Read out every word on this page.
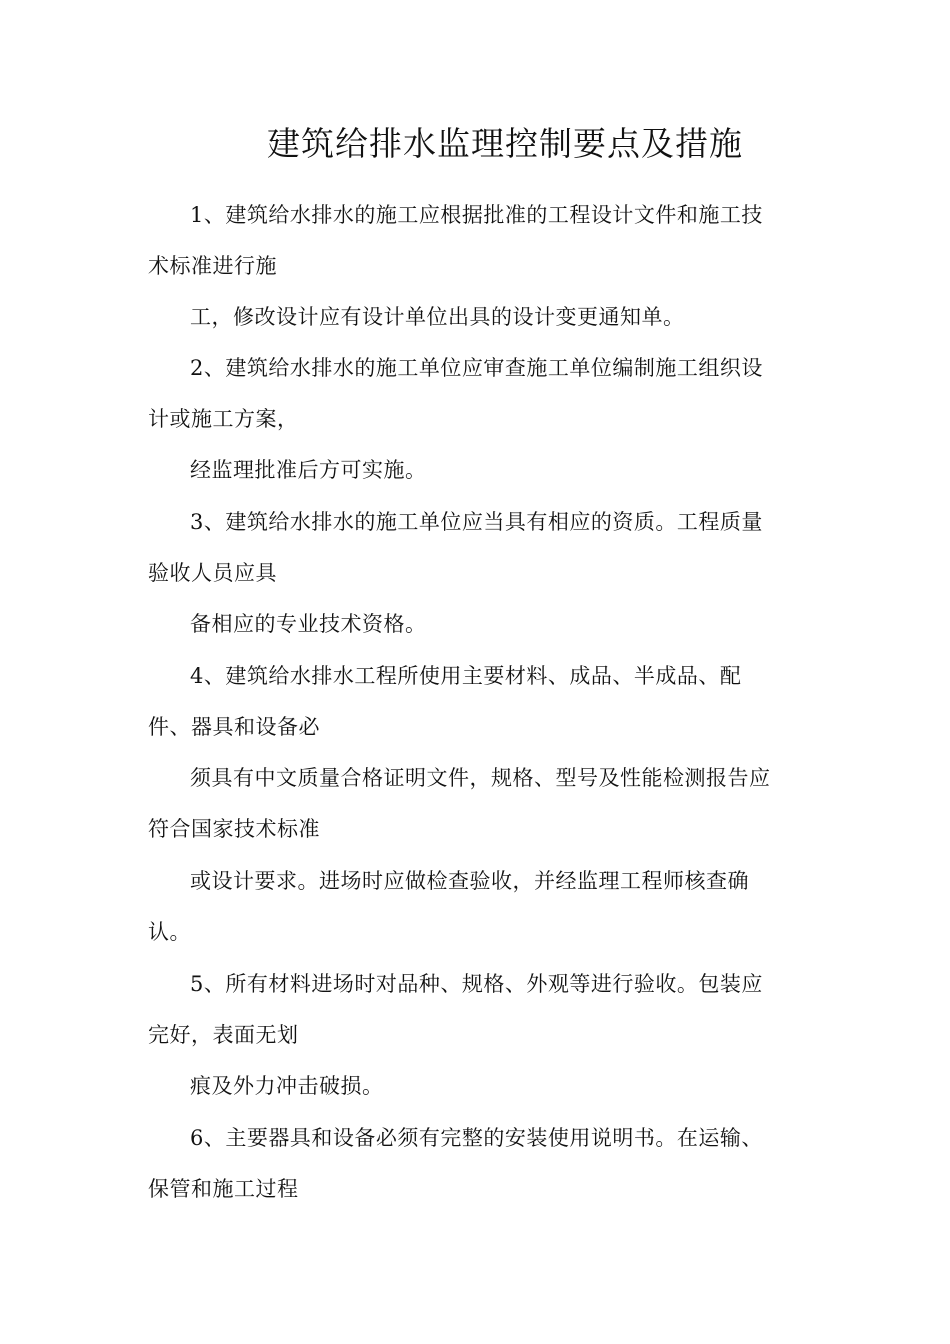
建筑给排水监理控制要点及措施
1、建筑给水排水的施工应根据批准的工程设计文件和施工技
术标准进行施
工，修改设计应有设计单位出具的设计变更通知单。
2、建筑给水排水的施工单位应审查施工单位编制施工组织设
计或施工方案，
经监理批准后方可实施。
3、建筑给水排水的施工单位应当具有相应的资质。工程质量
验收人员应具
备相应的专业技术资格。
4、建筑给水排水工程所使用主要材料、成品、半成品、配
件、器具和设备必
须具有中文质量合格证明文件，规格、型号及性能检测报告应
符合国家技术标准
或设计要求。进场时应做检查验收，并经监理工程师核查确
认。
5、所有材料进场时对品种、规格、外观等进行验收。包装应
完好，表面无划
痕及外力冲击破损。
6、主要器具和设备必须有完整的安装使用说明书。在运输、
保管和施工过程
